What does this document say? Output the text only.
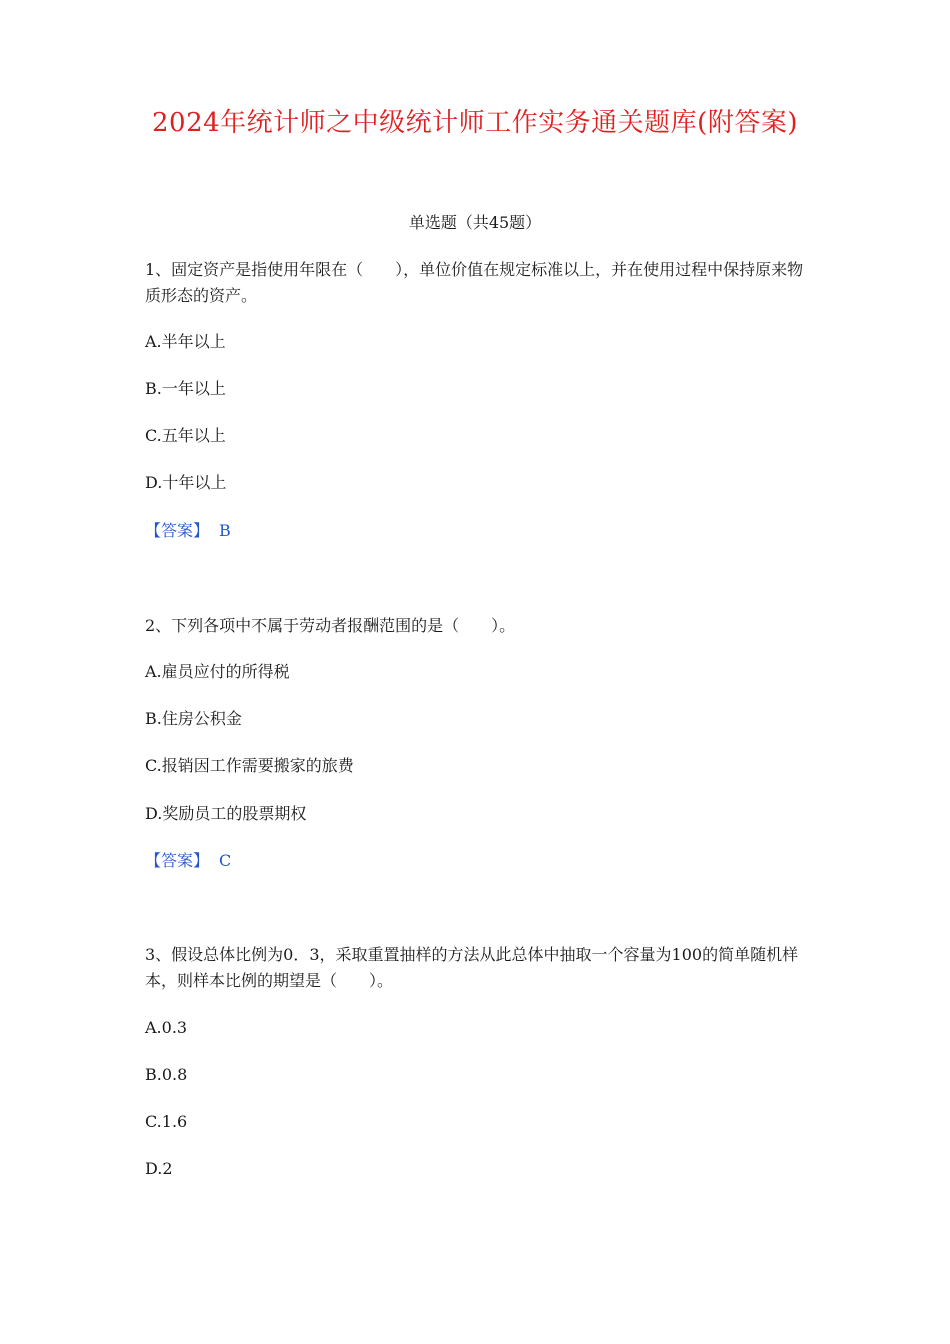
2024年统计师之中级统计师工作实务通关题库(附答案)
单选题（共45题）

1、固定资产是指使用年限在（　　），单位价值在规定标准以上，并在使用过程中保持原来物质形态的资产。

A.半年以上
B.一年以上
C.五年以上
D.十年以上
【答案】 B

2、下列各项中不属于劳动者报酬范围的是（　　）。

A.雇员应付的所得税
B.住房公积金
C.报销因工作需要搬家的旅费
D.奖励员工的股票期权
【答案】 C

3、假设总体比例为0．3，采取重置抽样的方法从此总体中抽取一个容量为100的简单随机样本，则样本比例的期望是（　　）。

A.0.3
B.0.8
C.1.6
D.2
